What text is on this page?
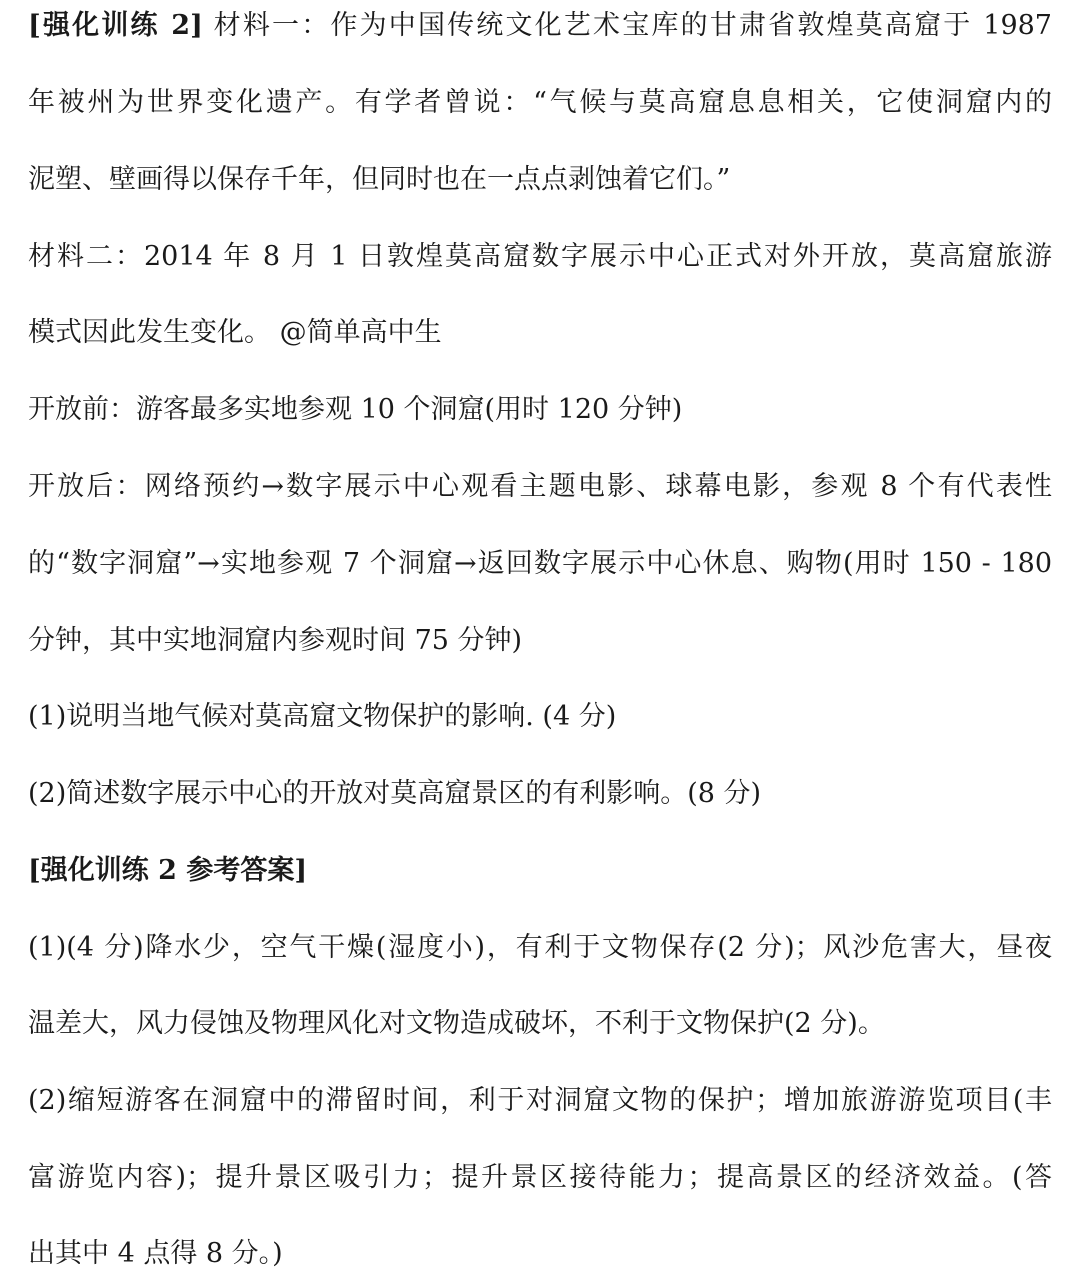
[强化训练 2] 材料一：作为中国传统文化艺术宝库的甘肃省敦煌莫高窟于 1987
年被州为世界变化遗产。有学者曾说：“气候与莫高窟息息相关，它使洞窟内的
泥塑、壁画得以保存千年，但同时也在一点点剥蚀着它们。”
材料二：2014 年 8 月 1 日敦煌莫高窟数字展示中心正式对外开放，莫高窟旅游
模式因此发生变化。 @简单高中生
开放前：游客最多实地参观 10 个洞窟(用时 120 分钟)
开放后：网络预约→数字展示中心观看主题电影、球幕电影，参观 8 个有代表性
的“数字洞窟”→实地参观 7 个洞窟→返回数字展示中心休息、购物(用时 150 - 180
分钟，其中实地洞窟内参观时间 75 分钟)
(1)说明当地气候对莫高窟文物保护的影响. (4 分)
(2)简述数字展示中心的开放对莫高窟景区的有利影响。(8 分)
[强化训练 2 参考答案]
(1)(4 分)降水少，空气干燥(湿度小)，有利于文物保存(2 分)；风沙危害大，昼夜
温差大，风力侵蚀及物理风化对文物造成破坏，不利于文物保护(2 分)。
(2)缩短游客在洞窟中的滞留时间，利于对洞窟文物的保护；增加旅游游览项目(丰
富游览内容)；提升景区吸引力；提升景区接待能力；提高景区的经济效益。(答
出其中 4 点得 8 分。)
